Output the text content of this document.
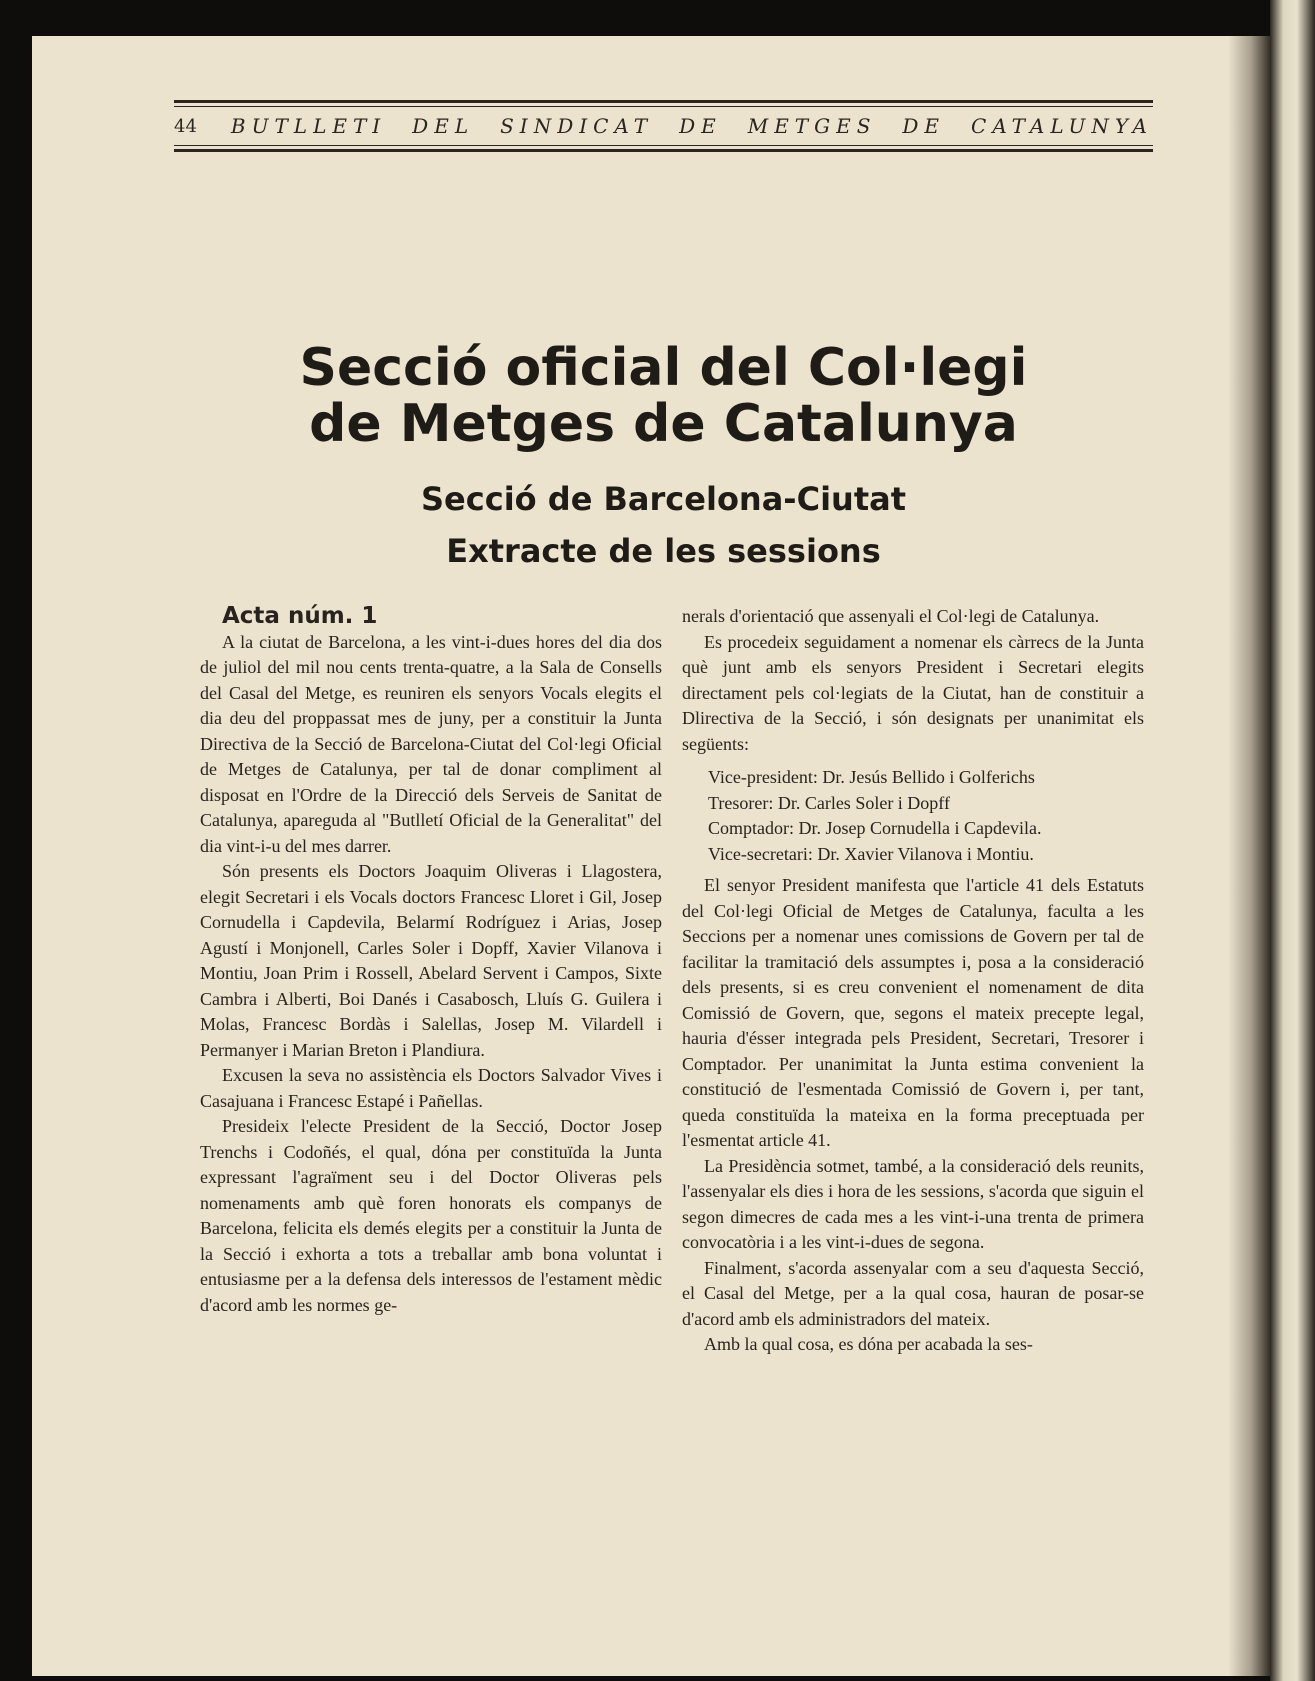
44 BUTLLETI DEL SINDICAT DE METGES DE CATALUNYA
Secció oficial del Col·legi
de Metges de Catalunya
Secció de Barcelona-Ciutat
Extracte de les sessions

Acta núm. 1

A la ciutat de Barcelona, a les vint-i-dues hores del dia dos de juliol del mil nou cents trenta-quatre, a la Sala de Consells del Casal del Metge, es reuniren els senyors Vocals elegits el dia deu del proppassat mes de juny, per a constituir la Junta Directiva de la Secció de Barcelona-Ciutat del Col·legi Oficial de Metges de Catalunya, per tal de donar compliment al disposat en l'Ordre de la Direcció dels Serveis de Sanitat de Catalunya, apareguda al "Butlletí Oficial de la Generalitat" del dia vint-i-u del mes darrer.

Són presents els Doctors Joaquim Oliveras i Llagostera, elegit Secretari i els Vocals doctors Francesc Lloret i Gil, Josep Cornudella i Capdevila, Belarmí Rodríguez i Arias, Josep Agustí i Monjonell, Carles Soler i Dopff, Xavier Vilanova i Montiu, Joan Prim i Rossell, Abelard Servent i Campos, Sixte Cambra i Alberti, Boi Danés i Casabosch, Lluís G. Guilera i Molas, Francesc Bordàs i Salellas, Josep M. Vilardell i Permanyer i Marian Breton i Plandiura.

Excusen la seva no assistència els Doctors Salvador Vives i Casajuana i Francesc Estapé i Pañellas.

Presideix l'electe President de la Secció, Doctor Josep Trenchs i Codoñés, el qual, dóna per constituïda la Junta expressant l'agraïment seu i del Doctor Oliveras pels nomenaments amb què foren honorats els companys de Barcelona, felicita els demés elegits per a constituir la Junta de la Secció i exhorta a tots a treballar amb bona voluntat i entusiasme per a la defensa dels interessos de l'estament mèdic d'acord amb les normes ge-

nerals d'orientació que assenyali el Col·legi de Catalunya.

Es procedeix seguidament a nomenar els càrrecs de la Junta què junt amb els senyors President i Secretari elegits directament pels col·legiats de la Ciutat, han de constituir a Dlirectiva de la Secció, i són designats per unanimitat els següents:

Vice-president: Dr. Jesús Bellido i Golferichs

Tresorer: Dr. Carles Soler i Dopff

Comptador: Dr. Josep Cornudella i Capdevila.

Vice-secretari: Dr. Xavier Vilanova i Montiu.

El senyor President manifesta que l'article 41 dels Estatuts del Col·legi Oficial de Metges de Catalunya, faculta a les Seccions per a nomenar unes comissions de Govern per tal de facilitar la tramitació dels assumptes i, posa a la consideració dels presents, si es creu convenient el nomenament de dita Comissió de Govern, que, segons el mateix precepte legal, hauria d'ésser integrada pels President, Secretari, Tresorer i Comptador. Per unanimitat la Junta estima convenient la constitució de l'esmentada Comissió de Govern i, per tant, queda constituïda la mateixa en la forma preceptuada per l'esmentat article 41.

La Presidència sotmet, també, a la consideració dels reunits, l'assenyalar els dies i hora de les sessions, s'acorda que siguin el segon dimecres de cada mes a les vint-i-una trenta de primera convocatòria i a les vint-i-dues de segona.

Finalment, s'acorda assenyalar com a seu d'aquesta Secció, el Casal del Metge, per a la qual cosa, hauran de posar-se d'acord amb els administradors del mateix.

Amb la qual cosa, es dóna per acabada la ses-
